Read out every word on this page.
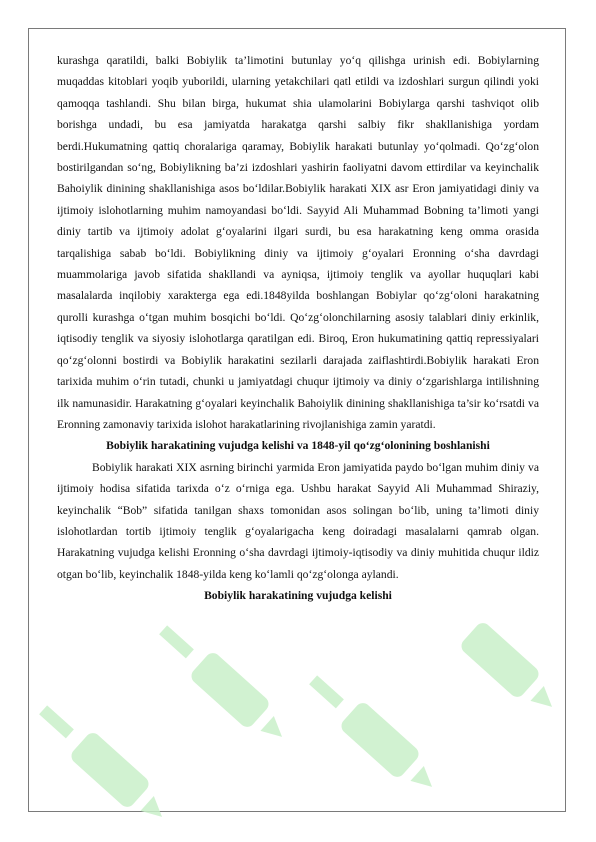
kurashga qaratildi, balki Bobiylik ta’limotini butunlay yo‘q qilishga urinish edi. Bobiylarning muqaddas kitoblari yoqib yuborildi, ularning yetakchilari qatl etildi va izdoshlari surgun qilindi yoki qamoqqa tashlandi. Shu bilan birga, hukumat shia ulamolarini Bobiylarga qarshi tashviqot olib borishga undadi, bu esa jamiyatda harakatga qarshi salbiy fikr shakllanishiga yordam berdi.Hukumatning qattiq choralariga qaramay, Bobiylik harakati butunlay yo‘qolmadi. Qo‘zg‘olon bostirilgandan so‘ng, Bobiylikning ba’zi izdoshlari yashirin faoliyatni davom ettirdilar va keyinchalik Bahoiylik dinining shakllanishiga asos bo‘ldilar.Bobiylik harakati XIX asr Eron jamiyatidagi diniy va ijtimoiy islohotlarning muhim namoyandasi bo‘ldi. Sayyid Ali Muhammad Bobning ta’limoti yangi diniy tartib va ijtimoiy adolat g‘oyalarini ilgari surdi, bu esa harakatning keng omma orasida tarqalishiga sabab bo‘ldi. Bobiylikning diniy va ijtimoiy g‘oyalari Eronning o‘sha davrdagi muammolariga javob sifatida shakllandi va ayniqsa, ijtimoiy tenglik va ayollar huquqlari kabi masalalarda inqilobiy xarakterga ega edi.1848yilda boshlangan Bobiylar qo‘zg‘oloni harakatning qurolli kurashga o‘tgan muhim bosqichi bo‘ldi. Qo‘zg‘olonchilarning asosiy talablari diniy erkinlik, iqtisodiy tenglik va siyosiy islohotlarga qaratilgan edi. Biroq, Eron hukumatining qattiq repressiyalari qo‘zg‘olonni bostirdi va Bobiylik harakatini sezilarli darajada zaiflashtirdi.Bobiylik harakati Eron tarixida muhim o‘rin tutadi, chunki u jamiyatdagi chuqur ijtimoiy va diniy o‘zgarishlarga intilishning ilk namunasidir. Harakatning g‘oyalari keyinchalik Bahoiylik dinining shakllanishiga ta’sir ko‘rsatdi va Eronning zamonaviy tarixida islohot harakatlarining rivojlanishiga zamin yaratdi.

Bobiylik harakatining vujudga kelishi va 1848-yil qo‘zg‘olonining boshlanishi

Bobiylik harakati XIX asrning birinchi yarmida Eron jamiyatida paydo bo‘lgan muhim diniy va ijtimoiy hodisa sifatida tarixda o‘z o‘rniga ega. Ushbu harakat Sayyid Ali Muhammad Shiraziy, keyinchalik “Bob” sifatida tanilgan shaxs tomonidan asos solingan bo‘lib, uning ta’limoti diniy islohotlardan tortib ijtimoiy tenglik g‘oyalarigacha keng doiradagi masalalarni qamrab olgan. Harakatning vujudga kelishi Eronning o‘sha davrdagi ijtimoiy-iqtisodiy va diniy muhitida chuqur ildiz otgan bo‘lib, keyinchalik 1848-yilda keng ko‘lamli qo‘zg‘olonga aylandi.

Bobiylik harakatining vujudga kelishi
